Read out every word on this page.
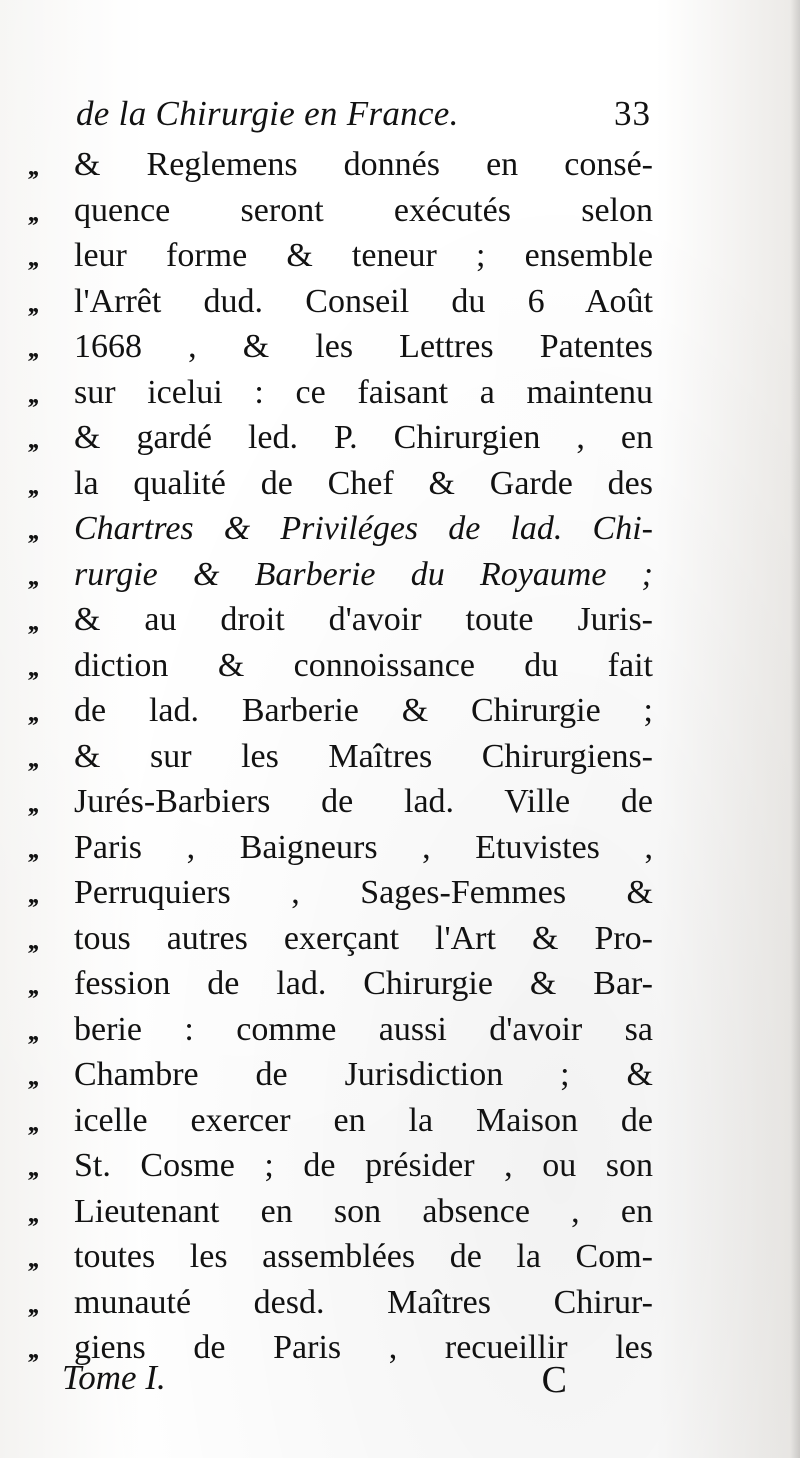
de la Chirurgie en France.	33
,,	& Reglemens donnés en consé-
,,	quence seront exécutés selon
,,	leur forme & teneur ; ensemble
,,	l'Arrêt dud. Conseil du 6 Août
,,	1668 , & les Lettres Patentes
,,	sur icelui : ce faisant a maintenu
,,	& gardé led. P. Chirurgien , en
,,	la qualité de Chef & Garde des
,,	Chartres & Priviléges de lad. Chi-
,,	rurgie & Barberie du Royaume ;
,,	& au droit d'avoir toute Juris-
,,	diction & connoissance du fait
,,	de lad. Barberie & Chirurgie ;
,,	& sur les Maîtres Chirurgiens-
,,	Jurés-Barbiers de lad. Ville de
,,	Paris , Baigneurs , Etuvistes ,
,,	Perruquiers , Sages-Femmes &
,,	tous autres exerçant l'Art & Pro-
,,	fession de lad. Chirurgie & Bar-
,,	berie : comme aussi d'avoir sa
,,	Chambre de Jurisdiction ; &
,,	icelle exercer en la Maison de
,,	St. Cosme ; de présider , ou son
,,	Lieutenant en son absence , en
,,	toutes les assemblées de la Com-
,,	munauté desd. Maîtres Chirur-
,,	giens de Paris , recueillir les
Tome I.	C
